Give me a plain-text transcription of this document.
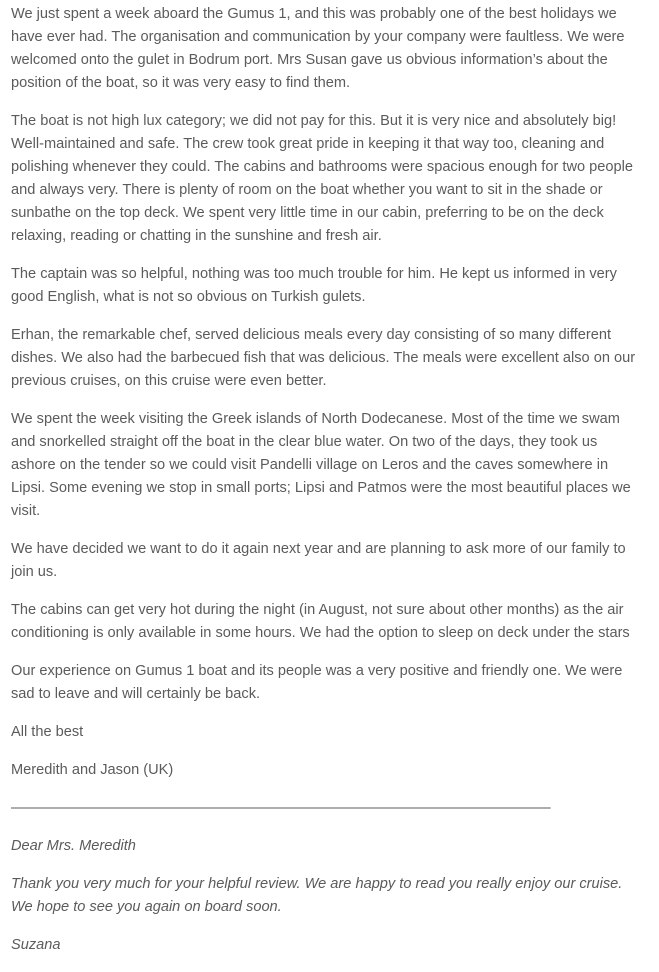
We just spent a week aboard the Gumus 1, and this was probably one of the best holidays we have ever had. The organisation and communication by your company were faultless. We were welcomed onto the gulet in Bodrum port. Mrs Susan gave us obvious information’s about the position of the boat, so it was very easy to find them.

The boat is not high lux category; we did not pay for this. But it is very nice and absolutely big! Well-maintained and safe. The crew took great pride in keeping it that way too, cleaning and polishing whenever they could. The cabins and bathrooms were spacious enough for two people and always very. There is plenty of room on the boat whether you want to sit in the shade or sunbathe on the top deck. We spent very little time in our cabin, preferring to be on the deck relaxing, reading or chatting in the sunshine and fresh air.

The captain was so helpful, nothing was too much trouble for him. He kept us informed in very good English, what is not so obvious on Turkish gulets.

Erhan, the remarkable chef, served delicious meals every day consisting of so many different dishes. We also had the barbecued fish that was delicious. The meals were excellent also on our previous cruises, on this cruise were even better.

We spent the week visiting the Greek islands of North Dodecanese. Most of the time we swam and snorkelled straight off the boat in the clear blue water. On two of the days, they took us ashore on the tender so we could visit Pandelli village on Leros and the caves somewhere in Lipsi. Some evening we stop in small ports; Lipsi and Patmos were the most beautiful places we visit.

We have decided we want to do it again next year and are planning to ask more of our family to join us.

The cabins can get very hot during the night (in August, not sure about other months) as the air conditioning is only available in some hours. We had the option to sleep on deck under the stars

Our experience on Gumus 1 boat and its people was a very positive and friendly one. We were sad to leave and will certainly be back.

All the best

Meredith and Jason (UK)

——————————————————————————————————————

Dear Mrs. Meredith

Thank you very much for your helpful review. We are happy to read you really enjoy our cruise. We hope to see you again on board soon.

Suzana
